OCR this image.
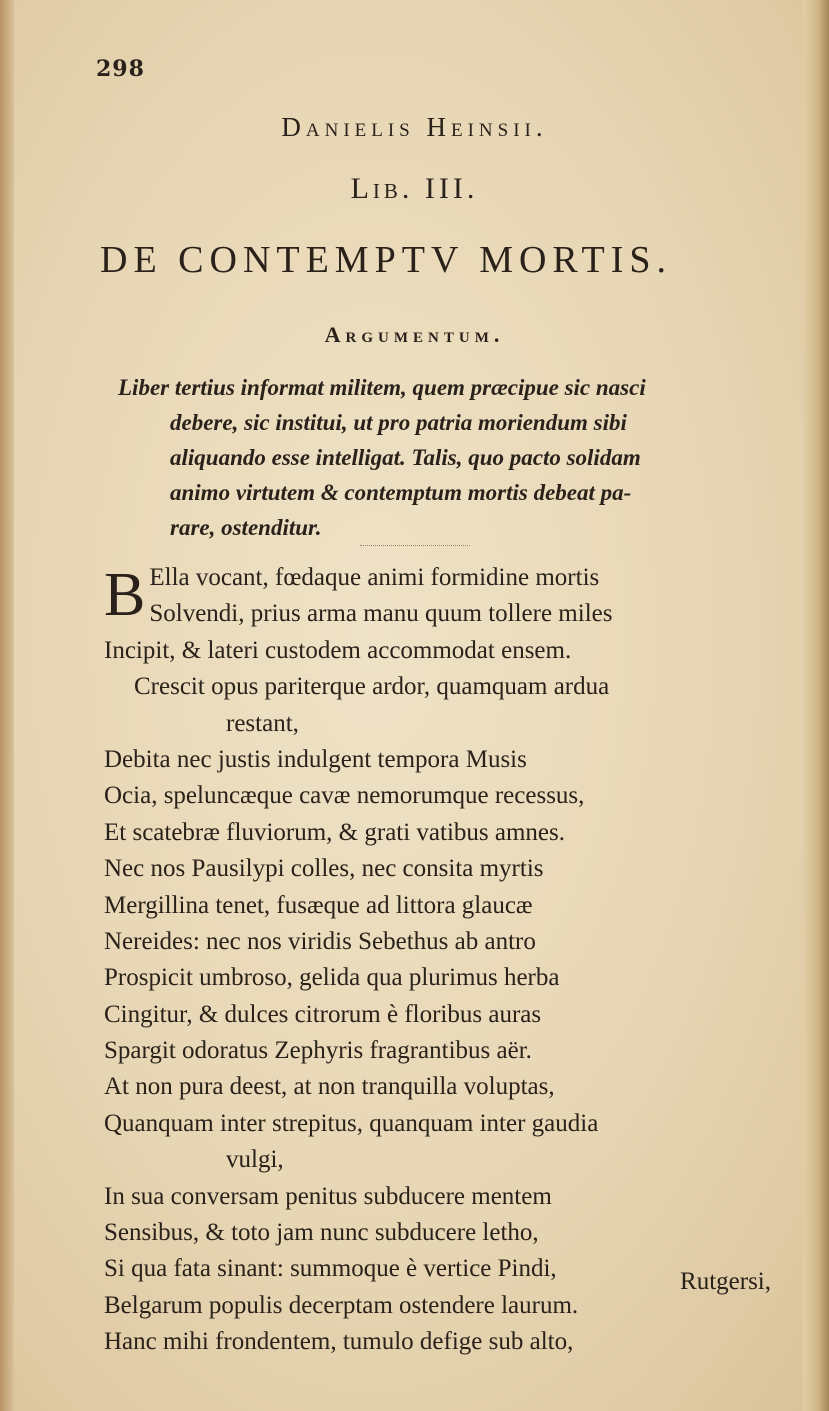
298
Danielis Heinsii.
Lib. III.
DE CONTEMPTV MORTIS.
Argumentum.
Liber tertius informat militem, quem præcipue sic nasci
debere, sic institui, ut pro patria moriendum sibi
aliquando esse intelligat. Talis, quo pacto solidam
animo virtutem & contemptum mortis debeat pa-
rare, ostenditur.
B Ella vocant, fœdaque animi formidine mortis
Solvendi, prius arma manu quum tollere miles
Incipit, & lateri custodem accommodat ensem.
Crescit opus pariterque ardor, quamquam ardua
restant,
Debita nec justis indulgent tempora Musis
Ocia, speluncæque cavæ nemorumque recessus,
Et scatebræ fluviorum, & grati vatibus amnes.
Nec nos Pausilypi colles, nec consita myrtis
Mergillina tenet, fusæque ad littora glaucæ
Nereides: nec nos viridis Sebethus ab antro
Prospicit umbroso, gelida qua plurimus herba
Cingitur, & dulces citrorum è floribus auras
Spargit odoratus Zephyris fragrantibus aër.
At non pura deest, at non tranquilla voluptas,
Quanquam inter strepitus, quanquam inter gaudia
vulgi,
In sua conversam penitus subducere mentem
Sensibus, & toto jam nunc subducere letho,
Si qua fata sinant: summoque è vertice Pindi,
Belgarum populis decerptam ostendere laurum.
Hanc mihi frondentem, tumulo defige sub alto,
Rutgersi,
